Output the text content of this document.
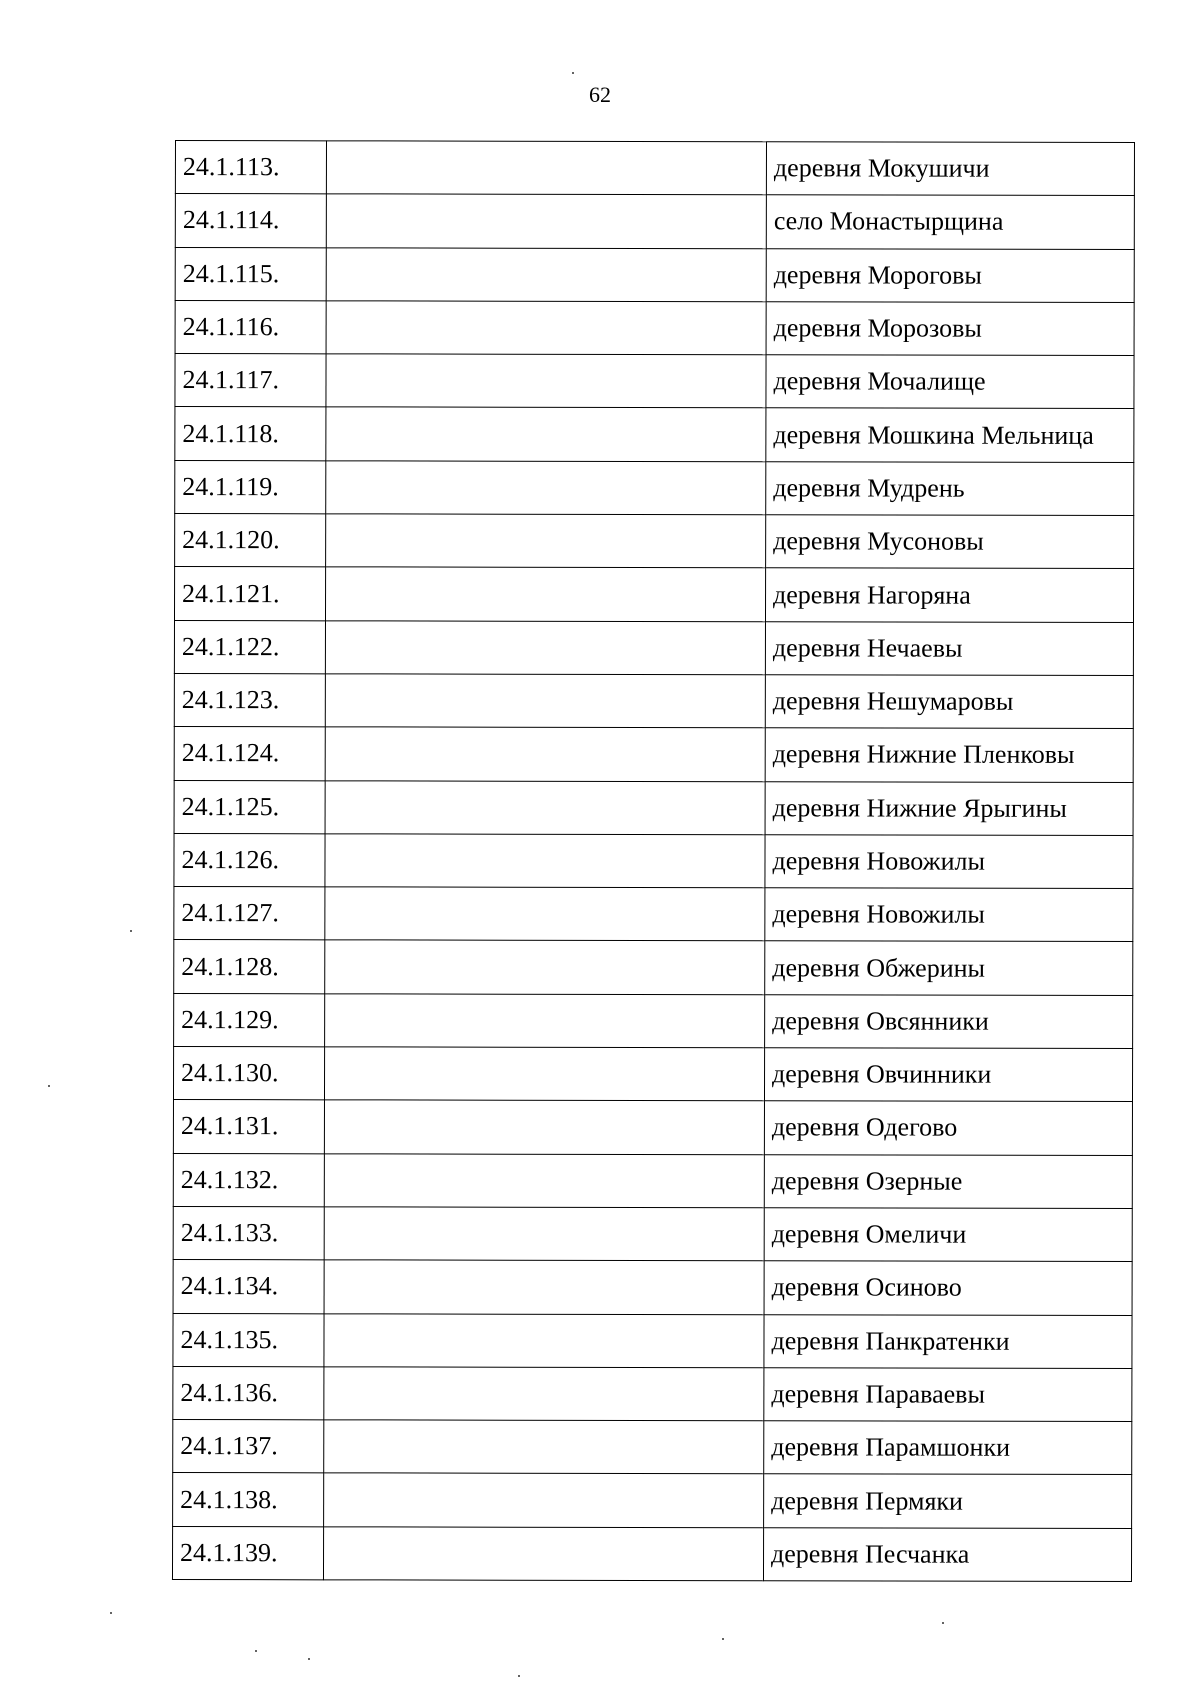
62
24.1.113.		деревня Мокушичи
24.1.114.		село Монастырщина
24.1.115.		деревня Мороговы
24.1.116.		деревня Морозовы
24.1.117.		деревня Мочалище
24.1.118.		деревня Мошкина Мельница
24.1.119.		деревня Мудрень
24.1.120.		деревня Мусоновы
24.1.121.		деревня Нагоряна
24.1.122.		деревня Нечаевы
24.1.123.		деревня Нешумаровы
24.1.124.		деревня Нижние Пленковы
24.1.125.		деревня Нижние Ярыгины
24.1.126.		деревня Новожилы
24.1.127.		деревня Новожилы
24.1.128.		деревня Обжерины
24.1.129.		деревня Овсянники
24.1.130.		деревня Овчинники
24.1.131.		деревня Одегово
24.1.132.		деревня Озерные
24.1.133.		деревня Омеличи
24.1.134.		деревня Осиново
24.1.135.		деревня Панкратенки
24.1.136.		деревня Параваевы
24.1.137.		деревня Парамшонки
24.1.138.		деревня Пермяки
24.1.139.		деревня Песчанка
